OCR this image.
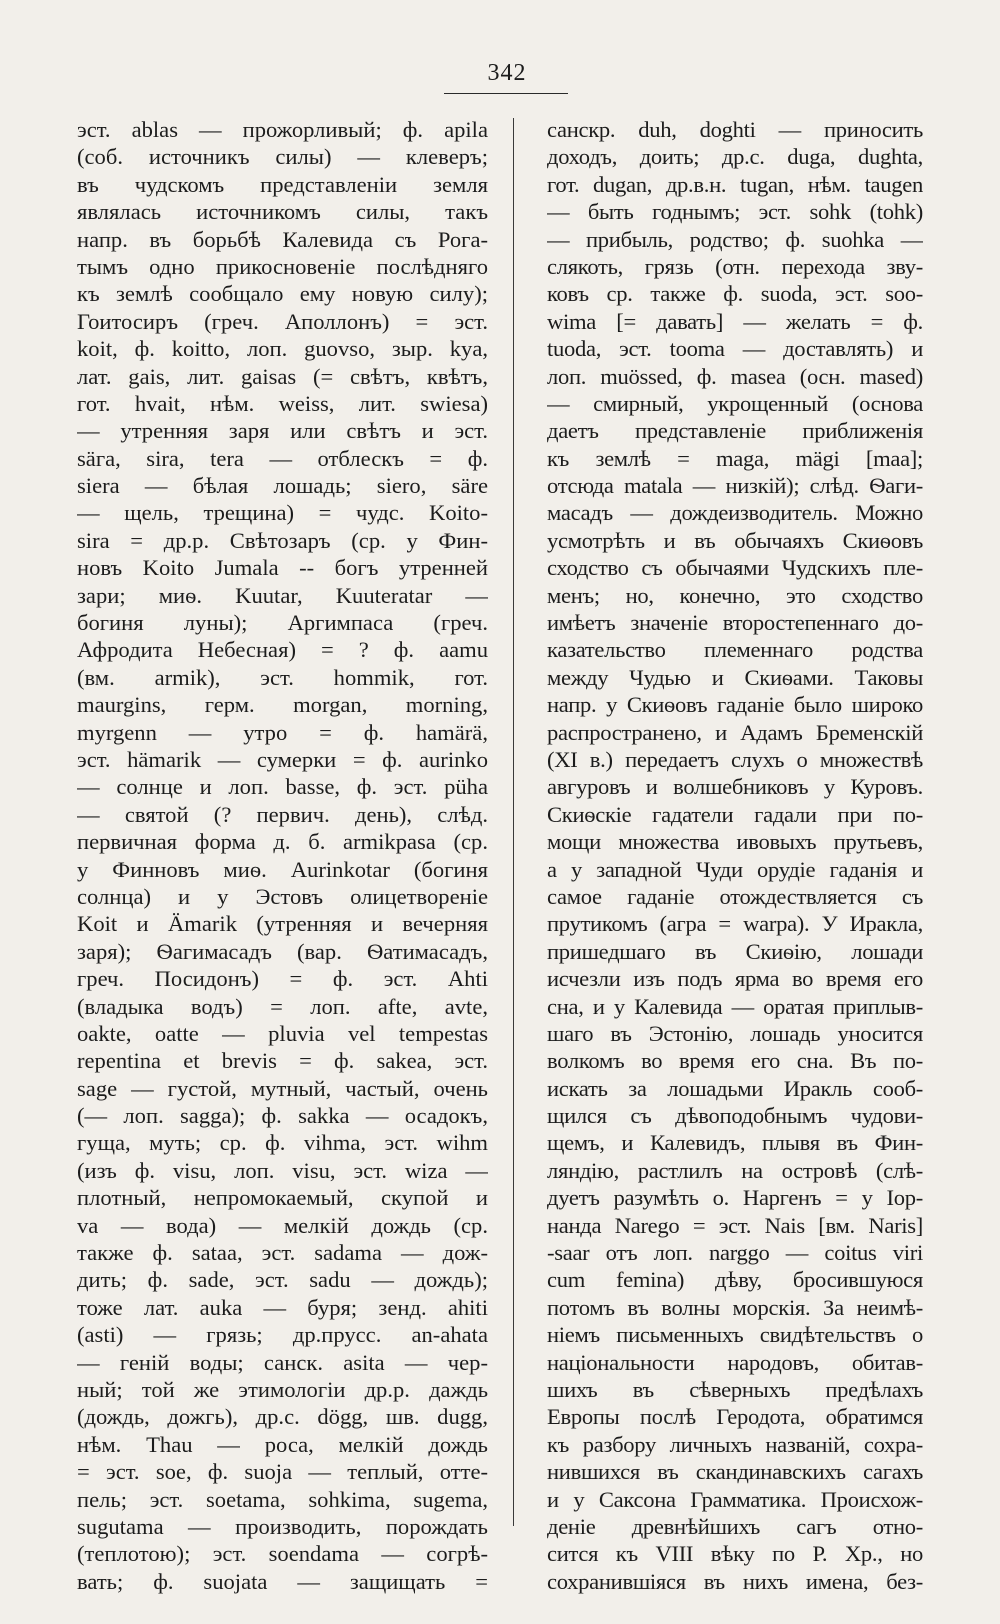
342
эст. ablas — прожорливый; ф. apila
(соб. источникъ силы) — клеверъ;
въ чудскомъ представленіи земля
являлась источникомъ силы, такъ
напр. въ борьбѣ Калевида съ Рога-
тымъ одно прикосновеніе послѣдняго
къ землѣ сообщало ему новую силу);
Гоитосиръ (греч. Аполлонъ) = эст.
koit, ф. koitto, лоп. guovso, зыр. kya,
лат. gais, лит. gaisas (= свѣтъ, квѣтъ,
гот. hvait, нѣм. weiss, лит. swiesa)
— утренняя заря или свѣтъ и эст.
säга, sira, tera — отблескъ = ф.
siera — бѣлая лошадь; siero, säre
— щель, трещина) = чудс. Koito-
sira = др.р. Свѣтозаръ (ср. у Фин-
новъ Koito Jumala -- богъ утренней
зари; миѳ. Kuutar, Kuuteratar —
богиня луны); Аргимпаса (греч.
Афродита Небесная) = ? ф. aamu
(вм. armik), эст. hommik, гот.
maurgins, герм. morgan, morning,
myrgenn — утро = ф. hamärä,
эст. hämarik — сумерки = ф. aurinko
— солнце и лоп. basse, ф. эст. püha
— святой (? первич. день), слѣд.
первичная форма д. б. armikpasa (ср.
у Финновъ миѳ. Aurinkotar (богиня
солнца) и у Эстовъ олицетвореніе
Koit и Ämarik (утренняя и вечерняя
заря); Ѳагимасадъ (вар. Ѳатимасадъ,
греч. Посидонъ) = ф. эст. Ahti
(владыка водъ) = лоп. afte, avte,
oakte, oatte — pluvia vel tempestas
repentina et brevis = ф. sakea, эст.
sage — густой, мутный, частый, очень
(— лоп. sagga); ф. sakka — осадокъ,
гуща, муть; ср. ф. vihma, эст. wihm
(изъ ф. visu, лоп. visu, эст. wiza —
плотный, непромокаемый, скупой и
va — вода) — мелкій дождь (ср.
также ф. sataa, эст. sadama — дож-
дить; ф. sade, эст. sadu — дождь);
тоже лат. auka — буря; зенд. ahiti
(asti) — грязь; др.прусс. an-ahata
— геній воды; санск. asita — чер-
ный; той же этимологіи др.р. даждь
(дождь, дожгь), др.с. dögg, шв. dugg,
нѣм. Thau — роса, мелкій дождь
= эст. soe, ф. suoja — теплый, отте-
пель; эст. soetama, sohkima, sugema,
sugutama — производить, порождать
(теплотою); эст. soendama — согрѣ-
вать; ф. suojata — защищать =
санскр. duh, doghti — приносить
доходъ, доить; др.с. duga, dughta,
гот. dugan, др.в.н. tugan, нѣм. taugen
— быть годнымъ; эст. sohk (tohk)
— прибыль, родство; ф. suohka —
слякоть, грязь (отн. перехода зву-
ковъ ср. также ф. suoda, эст. soo-
wima [= давать] — желать = ф.
tuoda, эст. tooma — доставлять) и
лоп. muössed, ф. masea (осн. mased)
— смирный, укрощенный (основа
даетъ представленіе приближенія
къ землѣ = maga, mägi [maa];
отсюда matala — низкій); слѣд. Ѳаги-
масадъ — дождеизводитель. Можно
усмотрѣть и въ обычаяхъ Скиѳовъ
сходство съ обычаями Чудскихъ пле-
менъ; но, конечно, это сходство
имѣетъ значеніе второстепеннаго до-
казательство племеннаго родства
между Чудью и Скиѳами. Таковы
напр. у Скиѳовъ гаданіе было широко
распространено, и Адамъ Бременскій
(XI в.) передаетъ слухъ о множествѣ
авгуровъ и волшебниковъ у Куровъ.
Скиѳскіе гадатели гадали при по-
мощи множества ивовыхъ прутьевъ,
а у западной Чуди орудіе гаданія и
самое гаданіе отождествляется съ
прутикомъ (агра = warpa). У Иракла,
пришедшаго въ Скиѳію, лошади
исчезли изъ подъ ярма во время его
сна, и у Калевида — оратая приплыв-
шаго въ Эстонію, лошадь уносится
волкомъ во время его сна. Въ по-
искать за лошадьми Иракль сооб-
щился съ дѣвоподобнымъ чудови-
щемъ, и Калевидъ, плывя въ Фин-
ляндію, растлилъ на островѣ (слѣ-
дуетъ разумѣть о. Наргенъ = у Іор-
нанда Narego = эст. Nais [вм. Naris]
-saar отъ лоп. narggo — coitus viri
cum femina) дѣву, бросившуюся
потомъ въ волны морскія. За неимѣ-
ніемъ письменныхъ свидѣтельствъ о
національности народовъ, обитав-
шихъ въ сѣверныхъ предѣлахъ
Европы послѣ Геродота, обратимся
къ разбору личныхъ названій, сохра-
нившихся въ скандинавскихъ сагахъ
и у Саксона Грамматика. Происхож-
деніе древнѣйшихъ сагъ отно-
сится къ VIII вѣку по Р. Хр., но
сохранившіяся въ нихъ имена, без-
